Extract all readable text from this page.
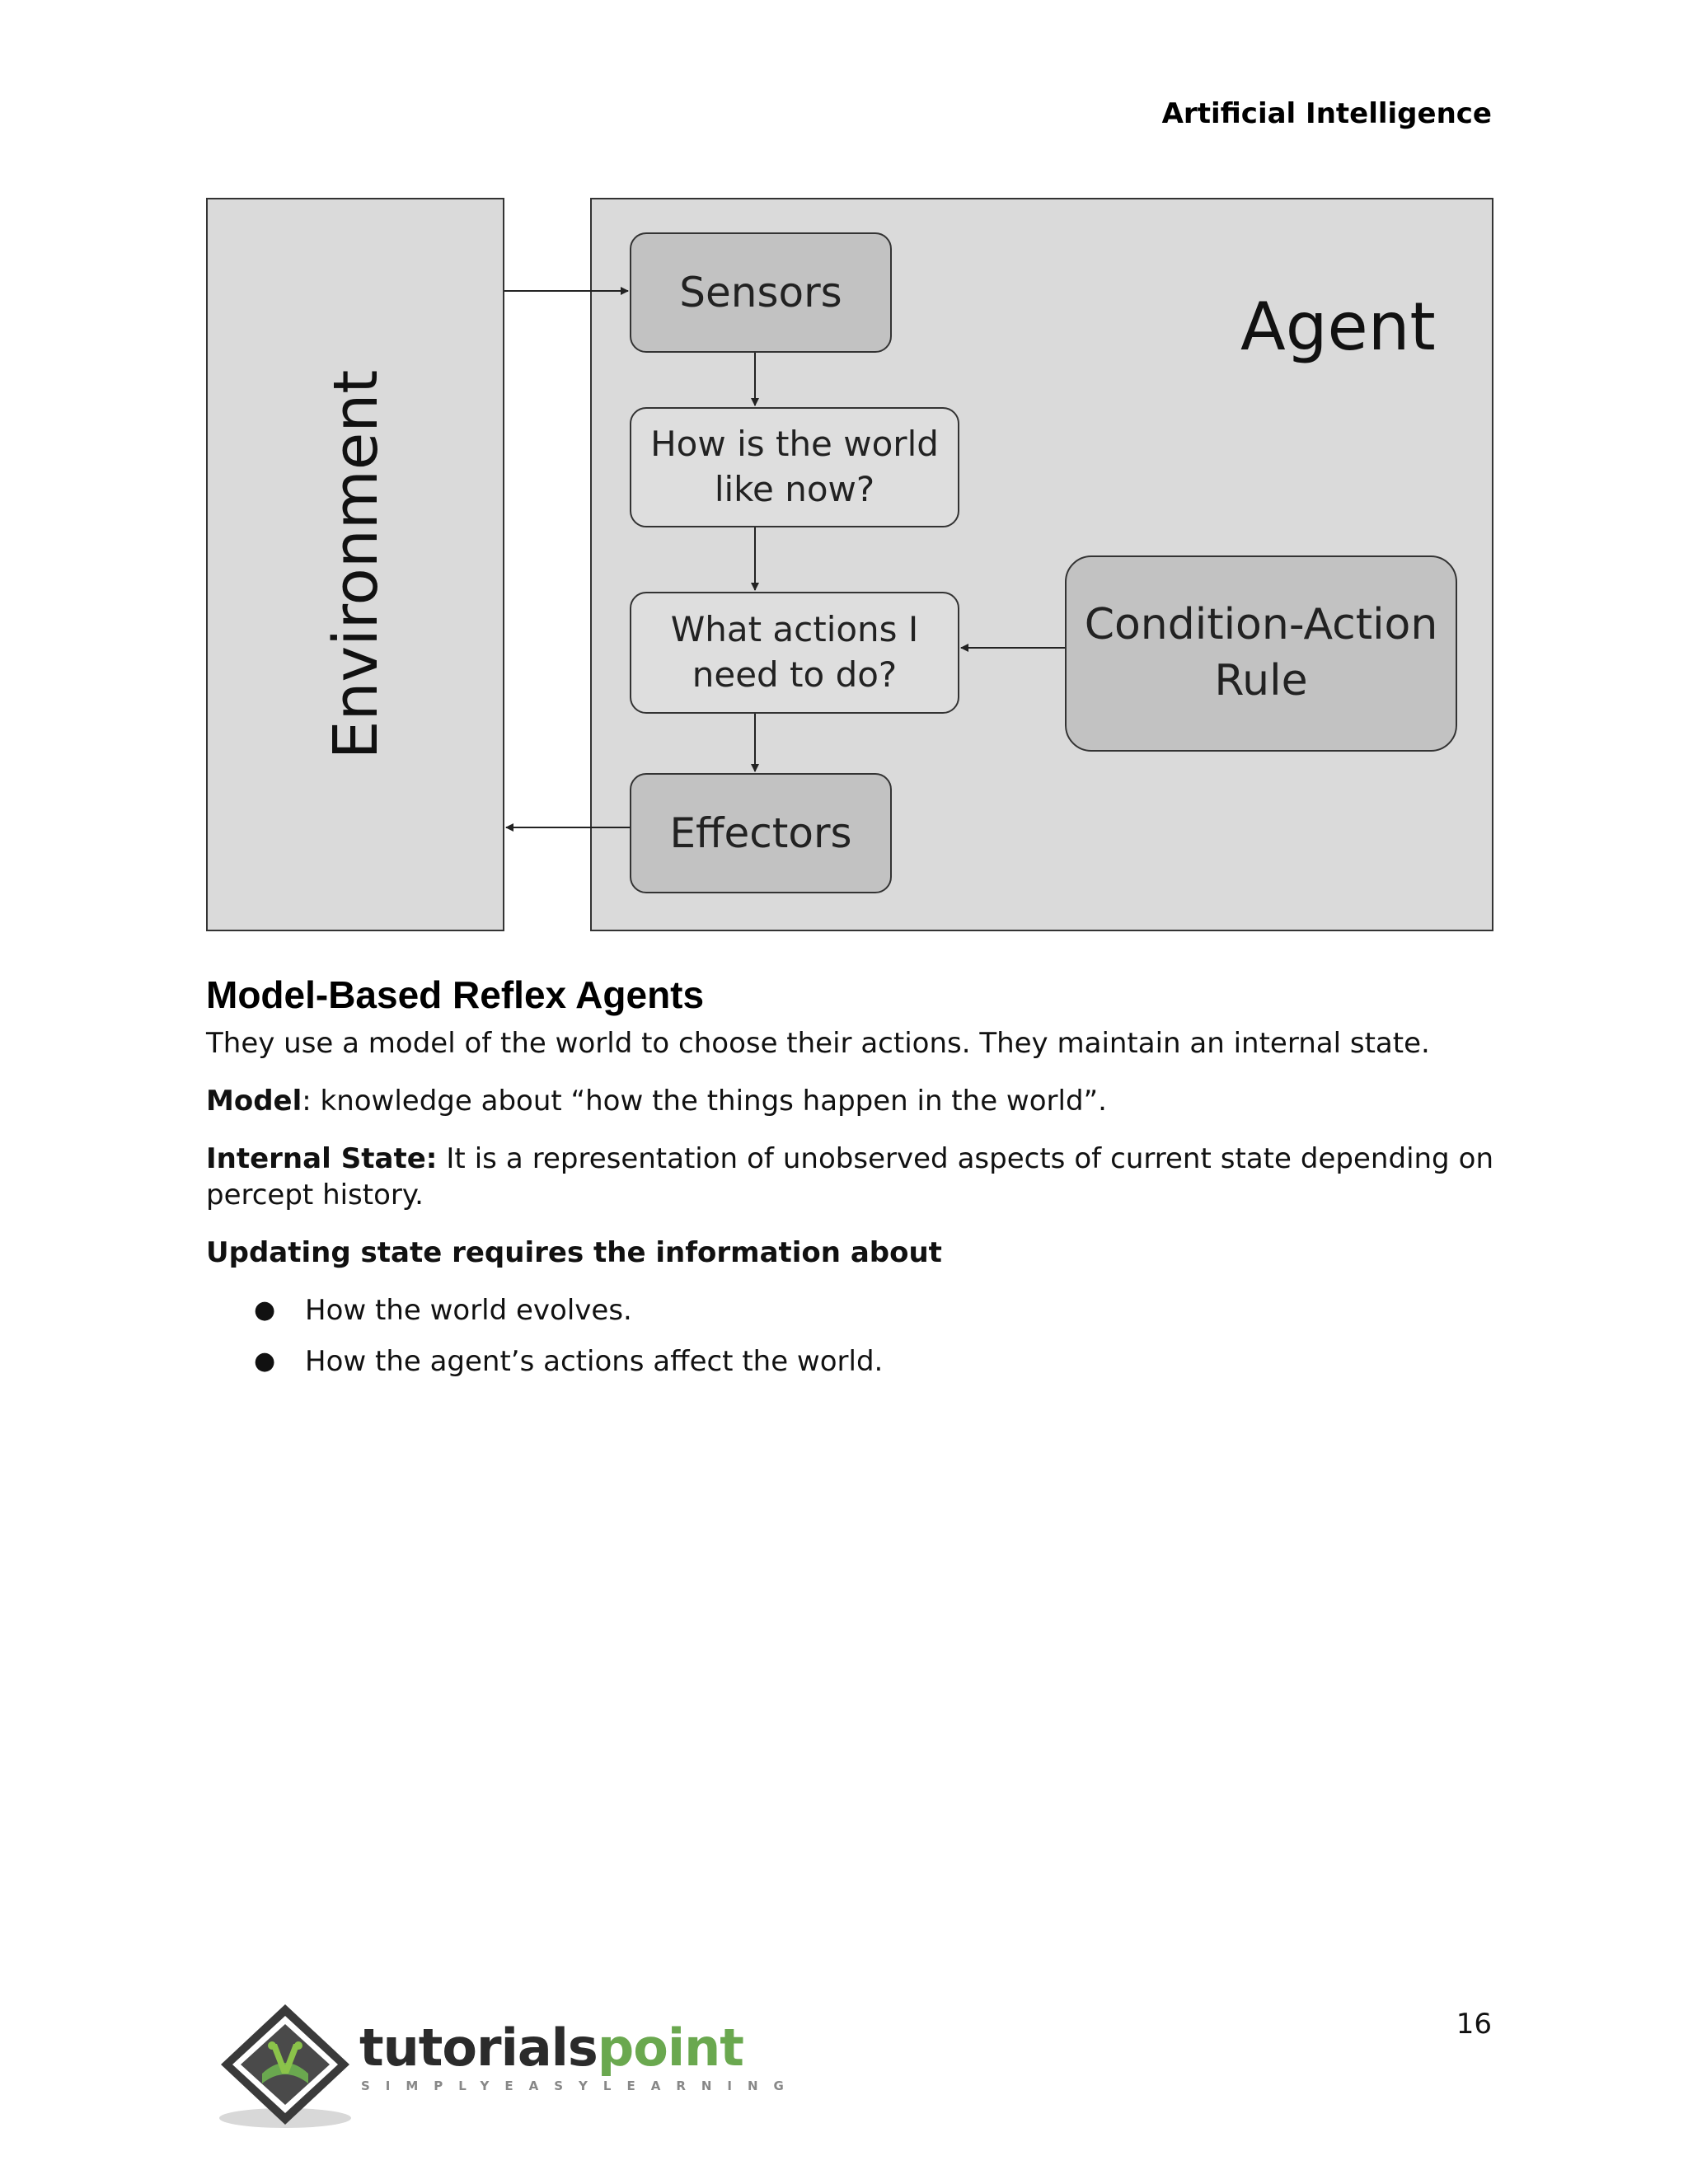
Artificial Intelligence
Environment
Agent
Sensors
How is the world
like now?
What actions I
need to do?
Effectors
Condition-Action
Rule
Model-Based Reflex Agents

They use a model of the world to choose their actions. They maintain an internal state.

Model: knowledge about “how the things happen in the world”.

Internal State: It is a representation of unobserved aspects of current state depending on percept history.

Updating state requires the information about

● How the world evolves.
● How the agent’s actions affect the world.
tutorialspoint
SIMPLYEASYLEARNING
16
